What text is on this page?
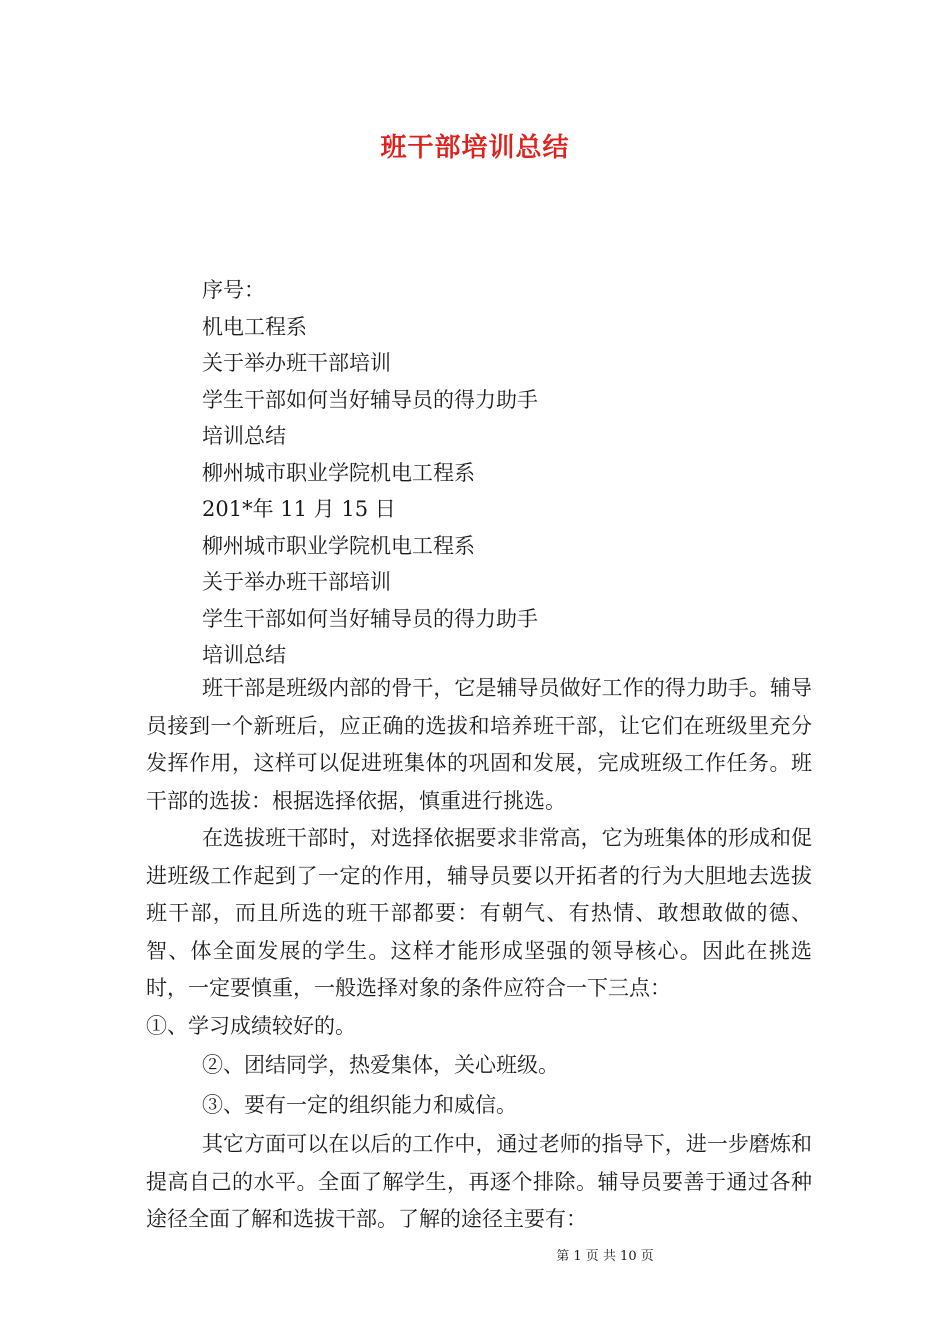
班干部培训总结
序号：
机电工程系
关于举办班干部培训
学生干部如何当好辅导员的得力助手
培训总结
柳州城市职业学院机电工程系
201*年 11 月 15 日
柳州城市职业学院机电工程系
关于举办班干部培训
学生干部如何当好辅导员的得力助手
培训总结

班干部是班级内部的骨干，它是辅导员做好工作的得力助手。辅导员接到一个新班后，应正确的选拔和培养班干部，让它们在班级里充分发挥作用，这样可以促进班集体的巩固和发展，完成班级工作任务。班干部的选拔：根据选择依据，慎重进行挑选。

在选拔班干部时，对选择依据要求非常高，它为班集体的形成和促进班级工作起到了一定的作用，辅导员要以开拓者的行为大胆地去选拔班干部，而且所选的班干部都要：有朝气、有热情、敢想敢做的德、智、体全面发展的学生。这样才能形成坚强的领导核心。因此在挑选时，一定要慎重，一般选择对象的条件应符合一下三点：

①、学习成绩较好的。

②、团结同学，热爱集体，关心班级。

③、要有一定的组织能力和威信。

其它方面可以在以后的工作中，通过老师的指导下，进一步磨炼和提高自己的水平。全面了解学生，再逐个排除。辅导员要善于通过各种途径全面了解和选拔干部。了解的途径主要有：

第 1 页 共 10 页
